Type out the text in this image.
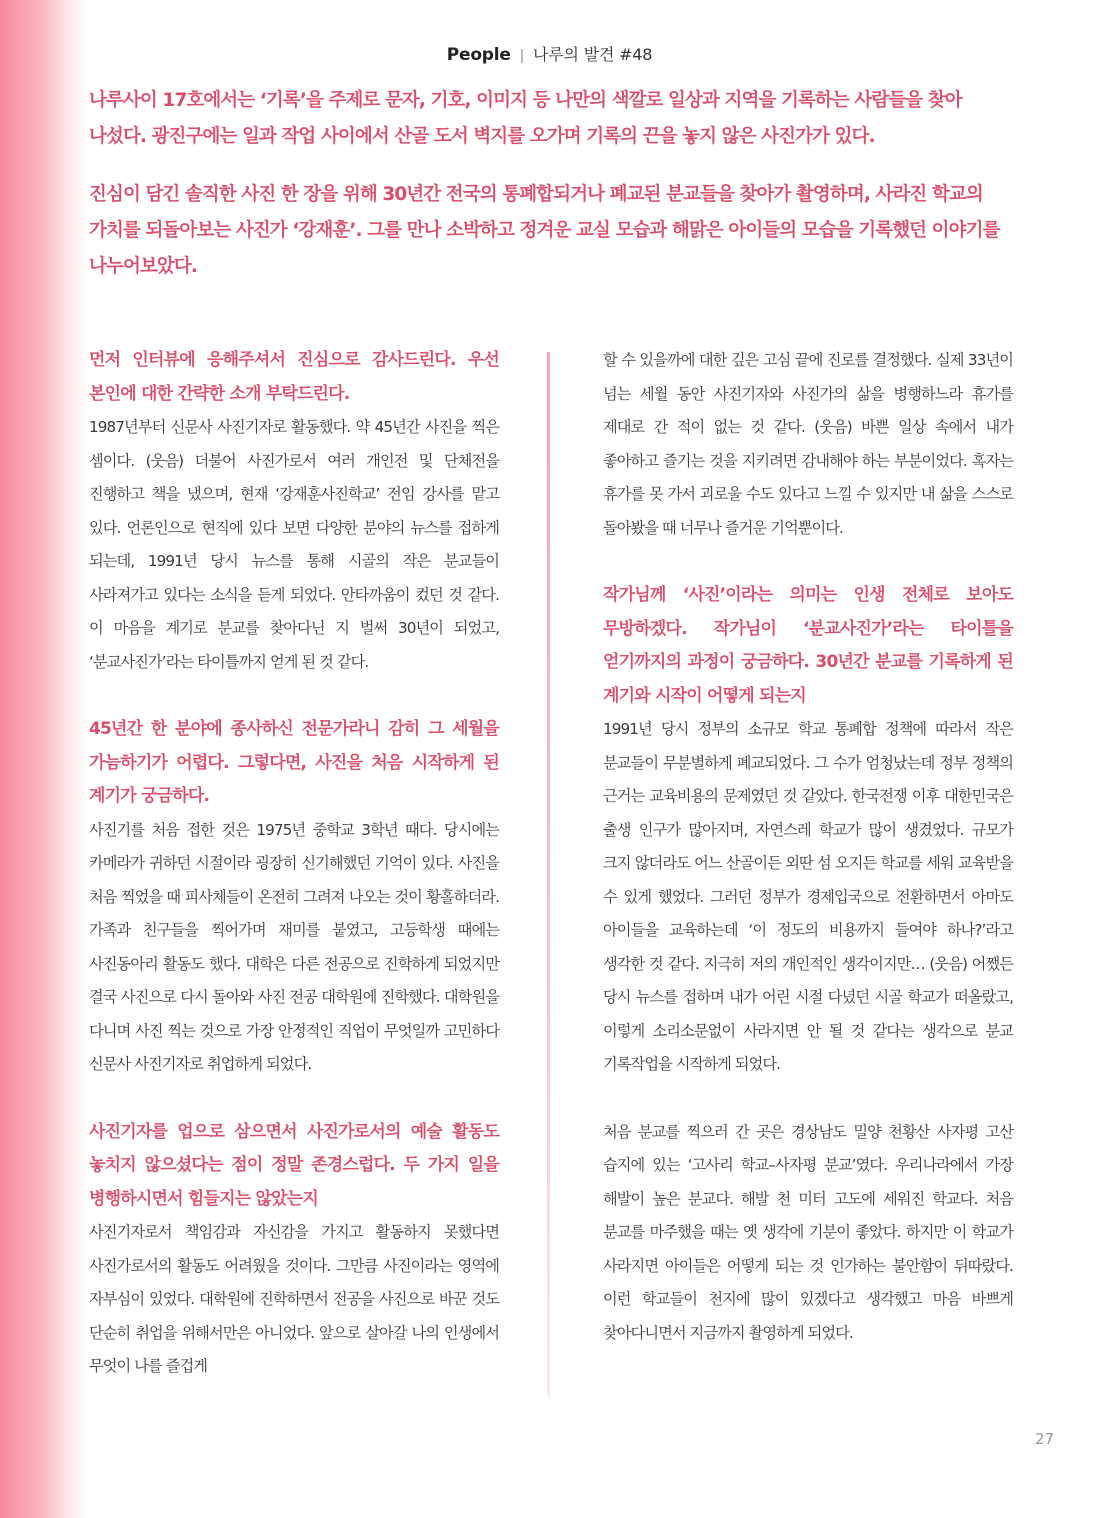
People | 나루의 발견 #48

나루사이 17호에서는 ‘기록’을 주제로 문자, 기호, 이미지 등 나만의 색깔로 일상과 지역을 기록하는 사람들을 찾아 나섰다. 광진구에는 일과 작업 사이에서 산골 도서 벽지를 오가며 기록의 끈을 놓지 않은 사진가가 있다.

진심이 담긴 솔직한 사진 한 장을 위해 30년간 전국의 통폐합되거나 폐교된 분교들을 찾아가 촬영하며, 사라진 학교의 가치를 되돌아보는 사진가 ‘강재훈’. 그를 만나 소박하고 정겨운 교실 모습과 해맑은 아이들의 모습을 기록했던 이야기를 나누어보았다.

먼저 인터뷰에 응해주셔서 진심으로 감사드린다. 우선 본인에 대한 간략한 소개 부탁드린다.

1987년부터 신문사 사진기자로 활동했다. 약 45년간 사진을 찍은 셈이다. (웃음) 더불어 사진가로서 여러 개인전 및 단체전을 진행하고 책을 냈으며, 현재 ‘강재훈사진학교’ 전임 강사를 맡고 있다. 언론인으로 현직에 있다 보면 다양한 분야의 뉴스를 접하게 되는데, 1991년 당시 뉴스를 통해 시골의 작은 분교들이 사라져가고 있다는 소식을 듣게 되었다. 안타까움이 컸던 것 같다. 이 마음을 계기로 분교를 찾아다닌 지 벌써 30년이 되었고, ‘분교사진가’라는 타이틀까지 얻게 된 것 같다.

45년간 한 분야에 종사하신 전문가라니 감히 그 세월을 가늠하기가 어렵다. 그렇다면, 사진을 처음 시작하게 된 계기가 궁금하다.

사진기를 처음 접한 것은 1975년 중학교 3학년 때다. 당시에는 카메라가 귀하던 시절이라 굉장히 신기해했던 기억이 있다. 사진을 처음 찍었을 때 피사체들이 온전히 그려져 나오는 것이 황홀하더라. 가족과 친구들을 찍어가며 재미를 붙였고, 고등학생 때에는 사진동아리 활동도 했다. 대학은 다른 전공으로 진학하게 되었지만 결국 사진으로 다시 돌아와 사진 전공 대학원에 진학했다. 대학원을 다니며 사진 찍는 것으로 가장 안정적인 직업이 무엇일까 고민하다 신문사 사진기자로 취업하게 되었다.

사진기자를 업으로 삼으면서 사진가로서의 예술 활동도 놓치지 않으셨다는 점이 정말 존경스럽다. 두 가지 일을 병행하시면서 힘들지는 않았는지

사진기자로서 책임감과 자신감을 가지고 활동하지 못했다면 사진가로서의 활동도 어려웠을 것이다. 그만큼 사진이라는 영역에 자부심이 있었다. 대학원에 진학하면서 전공을 사진으로 바꾼 것도 단순히 취업을 위해서만은 아니었다. 앞으로 살아갈 나의 인생에서 무엇이 나를 즐겁게

할 수 있을까에 대한 깊은 고심 끝에 진로를 결정했다. 실제 33년이 넘는 세월 동안 사진기자와 사진가의 삶을 병행하느라 휴가를 제대로 간 적이 없는 것 같다. (웃음) 바쁜 일상 속에서 내가 좋아하고 즐기는 것을 지키려면 감내해야 하는 부분이었다. 혹자는 휴가를 못 가서 괴로울 수도 있다고 느낄 수 있지만 내 삶을 스스로 돌아봤을 때 너무나 즐거운 기억뿐이다.

작가님께 ‘사진’이라는 의미는 인생 전체로 보아도 무방하겠다. 작가님이 ‘분교사진가’라는 타이틀을 얻기까지의 과정이 궁금하다. 30년간 분교를 기록하게 된 계기와 시작이 어떻게 되는지

1991년 당시 정부의 소규모 학교 통폐합 정책에 따라서 작은 분교들이 무분별하게 폐교되었다. 그 수가 엄청났는데 정부 정책의 근거는 교육비용의 문제였던 것 같았다. 한국전쟁 이후 대한민국은 출생 인구가 많아지며, 자연스레 학교가 많이 생겼었다. 규모가 크지 않더라도 어느 산골이든 외딴 섬 오지든 학교를 세워 교육받을 수 있게 했었다. 그러던 정부가 경제입국으로 전환하면서 아마도 아이들을 교육하는데 ‘이 정도의 비용까지 들여야 하나?’라고 생각한 것 같다. 지극히 저의 개인적인 생각이지만… (웃음) 어쨌든 당시 뉴스를 접하며 내가 어린 시절 다녔던 시골 학교가 떠올랐고, 이렇게 소리소문없이 사라지면 안 될 것 같다는 생각으로 분교 기록작업을 시작하게 되었다.

처음 분교를 찍으러 간 곳은 경상남도 밀양 천황산 사자평 고산 습지에 있는 ‘고사리 학교–사자평 분교’였다. 우리나라에서 가장 해발이 높은 분교다. 해발 천 미터 고도에 세워진 학교다. 처음 분교를 마주했을 때는 옛 생각에 기분이 좋았다. 하지만 이 학교가 사라지면 아이들은 어떻게 되는 것 인가하는 불안함이 뒤따랐다. 이런 학교들이 천지에 많이 있겠다고 생각했고 마음 바쁘게 찾아다니면서 지금까지 촬영하게 되었다.

27
